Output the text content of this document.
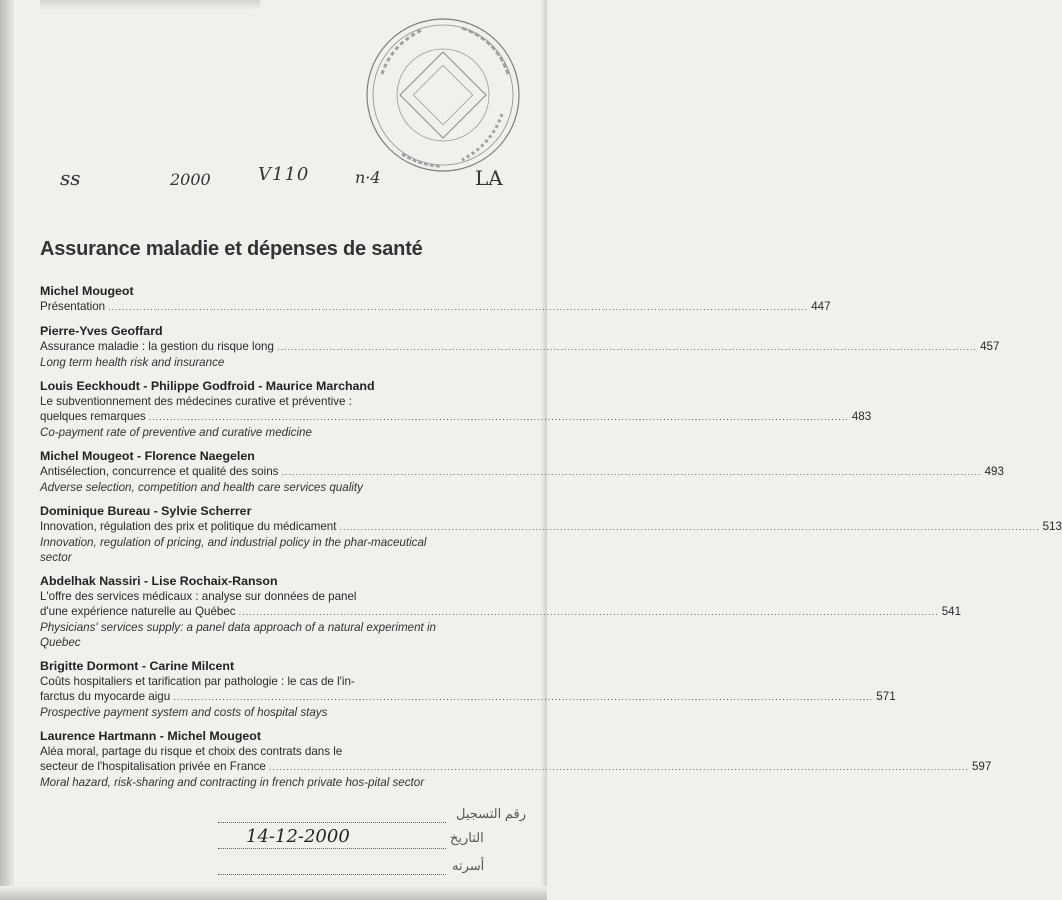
ss	2000	V110	n·4	LA
Assurance maladie et dépenses de santé
Michel Mougeot
Présentation ........................................................................................................................................................................................................ 447
Pierre-Yves Geoffard
Assurance maladie : la gestion du risque long ........................................................................................................................................................................................................ 457
Long term health risk and insurance
Louis Eeckhoudt - Philippe Godfroid - Maurice Marchand
Le subventionnement des médecines curative et préventive :
quelques remarques ........................................................................................................................................................................................................ 483
Co-payment rate of preventive and curative medicine
Michel Mougeot - Florence Naegelen
Antisélection, concurrence et qualité des soins ........................................................................................................................................................................................................ 493
Adverse selection, competition and health care services quality
Dominique Bureau - Sylvie Scherrer
Innovation, régulation des prix et politique du médicament ........................................................................................................................................................................................................ 513
Innovation, regulation of pricing, and industrial policy in the phar-maceutical sector
Abdelhak Nassiri - Lise Rochaix-Ranson
L'offre des services médicaux : analyse sur données de panel
d'une expérience naturelle au Québec ........................................................................................................................................................................................................ 541
Physicians' services supply: a panel data approach of a natural experiment in Quebec
Brigitte Dormont - Carine Milcent
Coûts hospitaliers et tarification par pathologie : le cas de l'in-
farctus du myocarde aigu ........................................................................................................................................................................................................ 571
Prospective payment system and costs of hospital stays
Laurence Hartmann - Michel Mougeot
Aléa moral, partage du risque et choix des contrats dans le
secteur de l'hospitalisation privée en France ........................................................................................................................................................................................................ 597
Moral hazard, risk-sharing and contracting in french private hos-pital sector
رقم التسجيل
التاريخ
14-12-2000
أسرته
